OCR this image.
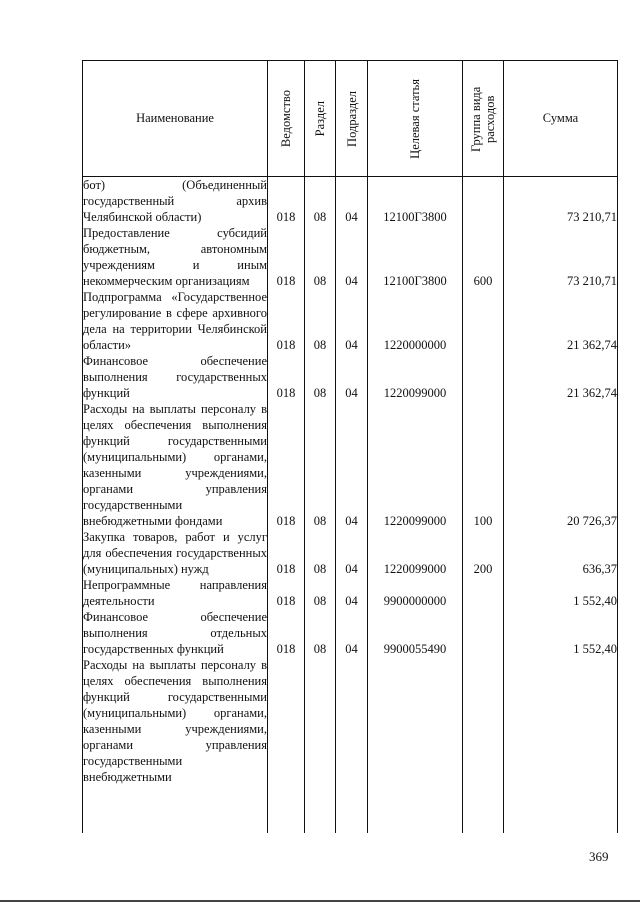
Наименование	Ведомство	Раздел	Подраздел	Целевая статья	Группа вида расходов	Сумма
бот) (Объединенный государственный архив Челябинской области)	018	08	04	12100Г3800		73 210,71
Предоставление субсидий бюджетным, автономным учреждениям и иным некоммерческим организациям	018	08	04	12100Г3800	600	73 210,71
Подпрограмма «Государственное регулирование в сфере архивного дела на территории Челябинской области»	018	08	04	1220000000		21 362,74
Финансовое обеспечение выполнения государственных функций	018	08	04	1220099000		21 362,74
Расходы на выплаты персоналу в целях обеспечения выполнения функций государственными (муниципальными) органами, казенными учреждениями, органами управления государственными внебюджетными фондами	018	08	04	1220099000	100	20 726,37
Закупка товаров, работ и услуг для обеспечения государственных (муниципальных) нужд	018	08	04	1220099000	200	636,37
Непрограммные направления деятельности	018	08	04	9900000000		1 552,40
Финансовое обеспечение выполнения отдельных государственных функций	018	08	04	9900055490		1 552,40
Расходы на выплаты персоналу в целях обеспечения выполнения функций государственными (муниципальными) органами, казенными учреждениями, органами управления государственными внебюджетными						
369
